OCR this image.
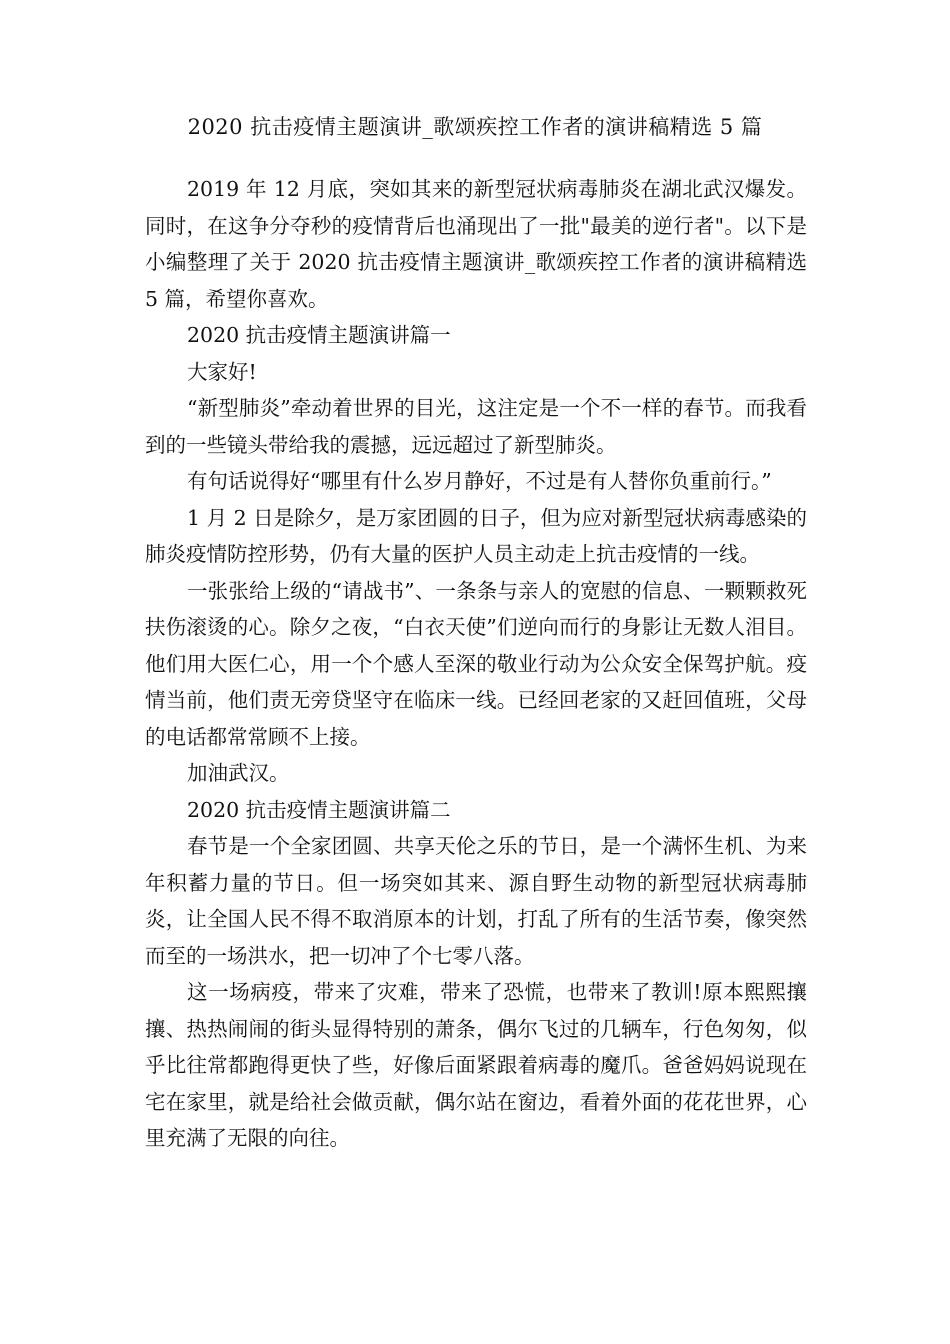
2020 抗击疫情主题演讲_歌颂疾控工作者的演讲稿精选 5 篇

2019 年 12 月底，突如其来的新型冠状病毒肺炎在湖北武汉爆发。同时，在这争分夺秒的疫情背后也涌现出了一批"最美的逆行者"。以下是小编整理了关于 2020 抗击疫情主题演讲_歌颂疾控工作者的演讲稿精选 5 篇，希望你喜欢。

2020 抗击疫情主题演讲篇一

大家好!

“新型肺炎”牵动着世界的目光，这注定是一个不一样的春节。而我看到的一些镜头带给我的震撼，远远超过了新型肺炎。

有句话说得好“哪里有什么岁月静好，不过是有人替你负重前行。”

1 月 2 日是除夕，是万家团圆的日子，但为应对新型冠状病毒感染的肺炎疫情防控形势，仍有大量的医护人员主动走上抗击疫情的一线。

一张张给上级的“请战书”、一条条与亲人的宽慰的信息、一颗颗救死扶伤滚烫的心。除夕之夜，“白衣天使”们逆向而行的身影让无数人泪目。他们用大医仁心，用一个个感人至深的敬业行动为公众安全保驾护航。疫情当前，他们责无旁贷坚守在临床一线。已经回老家的又赶回值班，父母的电话都常常顾不上接。

加油武汉。

2020 抗击疫情主题演讲篇二

春节是一个全家团圆、共享天伦之乐的节日，是一个满怀生机、为来年积蓄力量的节日。但一场突如其来、源自野生动物的新型冠状病毒肺炎，让全国人民不得不取消原本的计划，打乱了所有的生活节奏，像突然而至的一场洪水，把一切冲了个七零八落。

这一场病疫，带来了灾难，带来了恐慌，也带来了教训!原本熙熙攘攘、热热闹闹的街头显得特别的萧条，偶尔飞过的几辆车，行色匆匆，似乎比往常都跑得更快了些，好像后面紧跟着病毒的魔爪。爸爸妈妈说现在宅在家里，就是给社会做贡献，偶尔站在窗边，看着外面的花花世界，心里充满了无限的向往。
